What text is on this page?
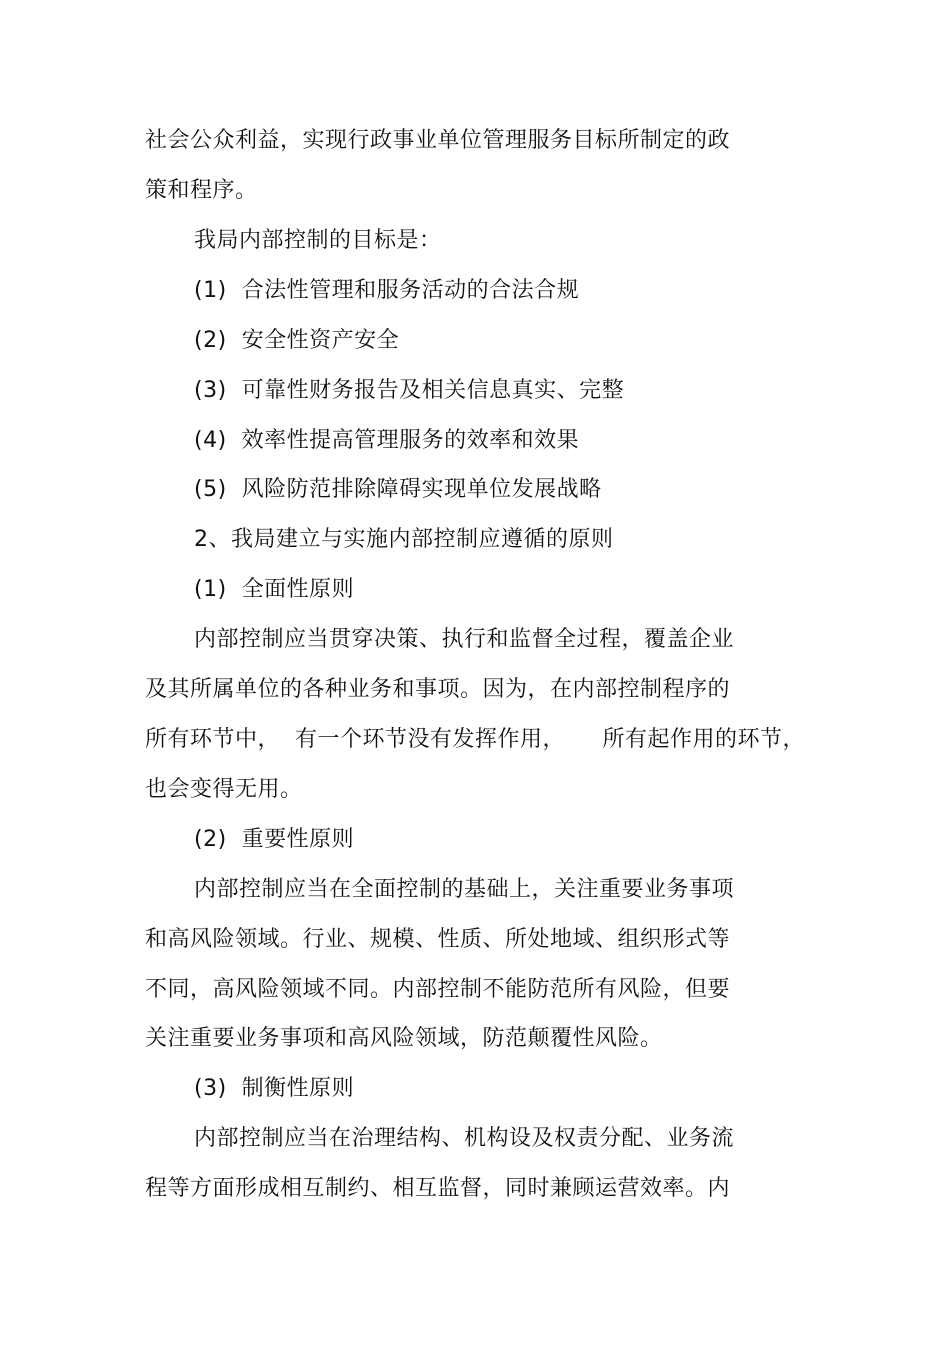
社会公众利益，实现行政事业单位管理服务目标所制定的政
策和程序。
我局内部控制的目标是：
(1)  合法性管理和服务活动的合法合规
(2)  安全性资产安全
(3)  可靠性财务报告及相关信息真实、完整
(4)  效率性提高管理服务的效率和效果
(5)  风险防范排除障碍实现单位发展战略
2、我局建立与实施内部控制应遵循的原则
(1)  全面性原则
内部控制应当贯穿决策、执行和监督全过程，覆盖企业
及其所属单位的各种业务和事项。因为，在内部控制程序的
所有环节中，  有一个环节没有发挥作用，     所有起作用的环节，
也会变得无用。
(2)  重要性原则
内部控制应当在全面控制的基础上，关注重要业务事项
和高风险领域。行业、规模、性质、所处地域、组织形式等
不同，高风险领域不同。内部控制不能防范所有风险，但要
关注重要业务事项和高风险领域，防范颠覆性风险。
(3)  制衡性原则
内部控制应当在治理结构、机构设及权责分配、业务流
程等方面形成相互制约、相互监督，同时兼顾运营效率。内
